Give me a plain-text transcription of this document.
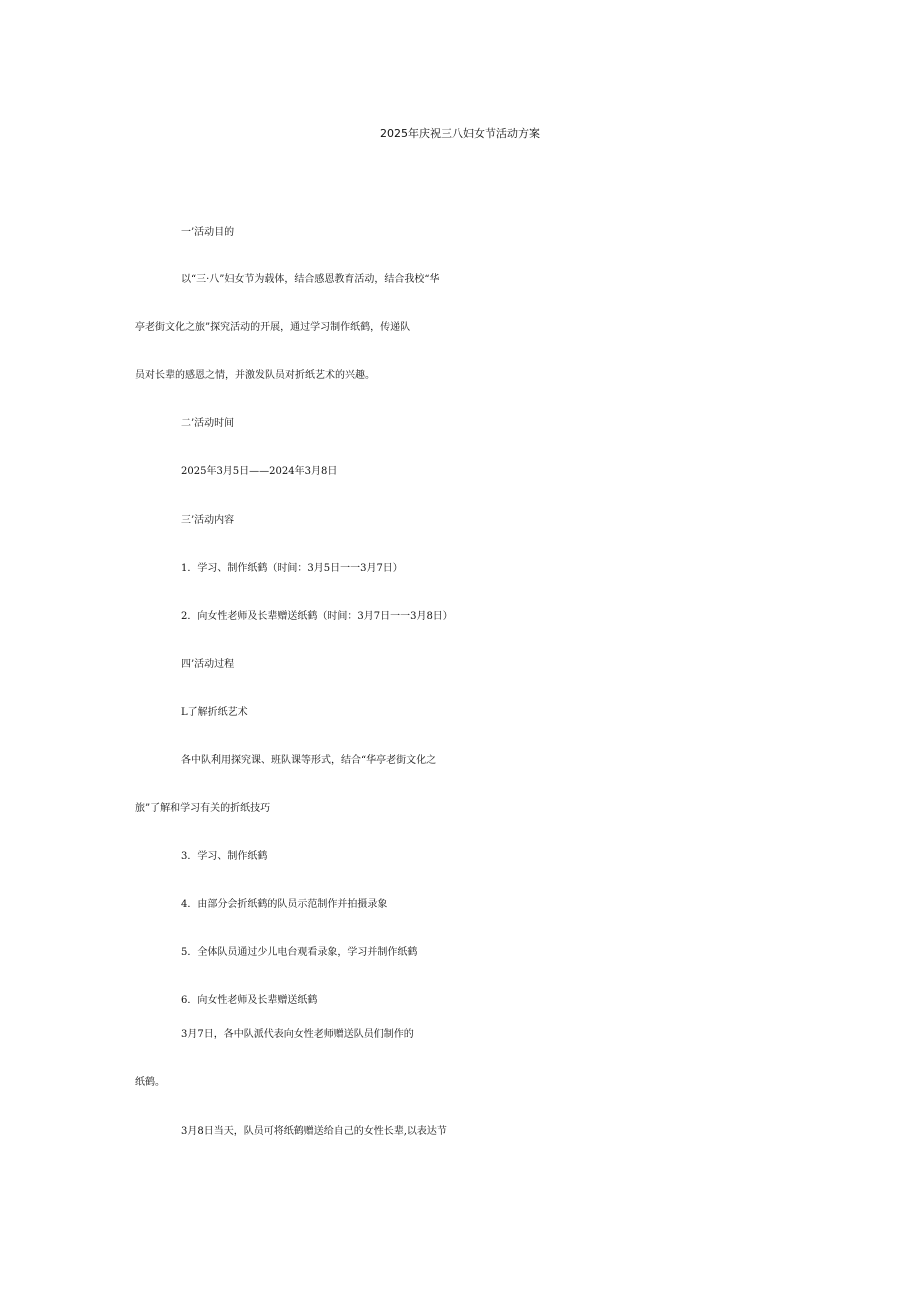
2025年庆祝三八妇女节活动方案
一’活动目的
以“三·八”妇女节为载体，结合感恩教育活动，结合我校“华
亭老街文化之旅”探究活动的开展，通过学习制作纸鹤，传递队
员对长辈的感恩之情，并激发队员对折纸艺术的兴趣。
二’活动时间
2025年3月5日——2024年3月8日
三’活动内容
1．学习、制作纸鹤（时间：3月5日一一3月7日）
2．向女性老师及长辈赠送纸鹤（时间：3月7日一一3月8日）
四’活动过程
L了解折纸艺术
各中队利用探究课、班队课等形式，结合“华亭老街文化之
旅”了解和学习有关的折纸技巧
3．学习、制作纸鹤
4．由部分会折纸鹤的队员示范制作并拍摄录象
5．全体队员通过少儿电台观看录象，学习并制作纸鹤
6．向女性老师及长辈赠送纸鹤
3月7日，各中队派代表向女性老师赠送队员们制作的
纸鹤。
3月8日当天，队员可将纸鹤赠送给自己的女性长辈,以表达节
